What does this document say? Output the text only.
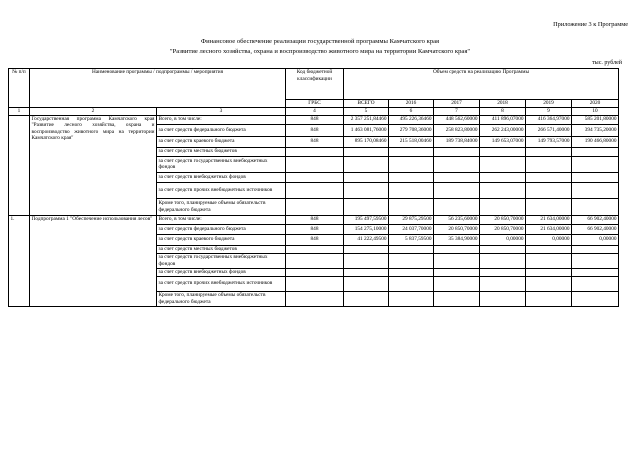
Приложение 3 к Программе
Финансовое обеспечение реализации государственной программы Камчатского края
"Развитие лесного хозяйства, охрана и воспроизводство животного мира на территории Камчатского края"
тыс. рублей
№ п/п	Наименование программы / подпрограммы / мероприятия		Код бюджетной классификации	Объем средств на реализацию Программы					
			ГРБС	ВСЕГО	2016	2017	2018	2019	2020
1	2	3	4	5	6	7	8	9	10
	Государственная программа Камчатского края "Развитие лесного хозяйства, охрана и воспроизводство животного мира на территории Камчатского края"	Всего, в том числе:	848	2 357 251,84460	495 226,36460	448 562,60000	411 896,07000	416 364,97000	585 201,80000
		за счет средств федерального бюджета	848	1 463 081,76000	279 708,36000	258 823,80000	262 243,00000	266 571,40000	394 735,20000
		за счет средств краевого бюджета	848	895 170,08460	215 518,00460	189 738,84000	149 653,07000	149 793,57000	190 466,80000
		за счет средств местных бюджетов							
		за счет средств государственных внебюджетных фондов							
		за счет средств внебюджетных фондов							
		за счет средств прочих внебюджетных источников							
		Кроме того, планируемые объемы обязательств федерального бюджета							
1.	Подпрограмма 1 "Обеспечение использования лесов"	Всего, в том числе:	848	195 497,59500	29 875,29500	56 235,60000	20 850,70000	21 634,00000	66 902,40000
		за счет средств федерального бюджета	848	154 275,10000	24 037,70000	20 850,70000	20 850,70000	21 634,00000	66 902,40000
		за счет средств краевого бюджета	848	41 222,49500	5 837,59500	35 384,90000	0,00000	0,00000	0,00000
		за счет средств местных бюджетов							
		за счет средств государственных внебюджетных фондов							
		за счет средств внебюджетных фондов							
		за счет средств прочих внебюджетных источников							
		Кроме того, планируемые объемы обязательств федерального бюджета							
